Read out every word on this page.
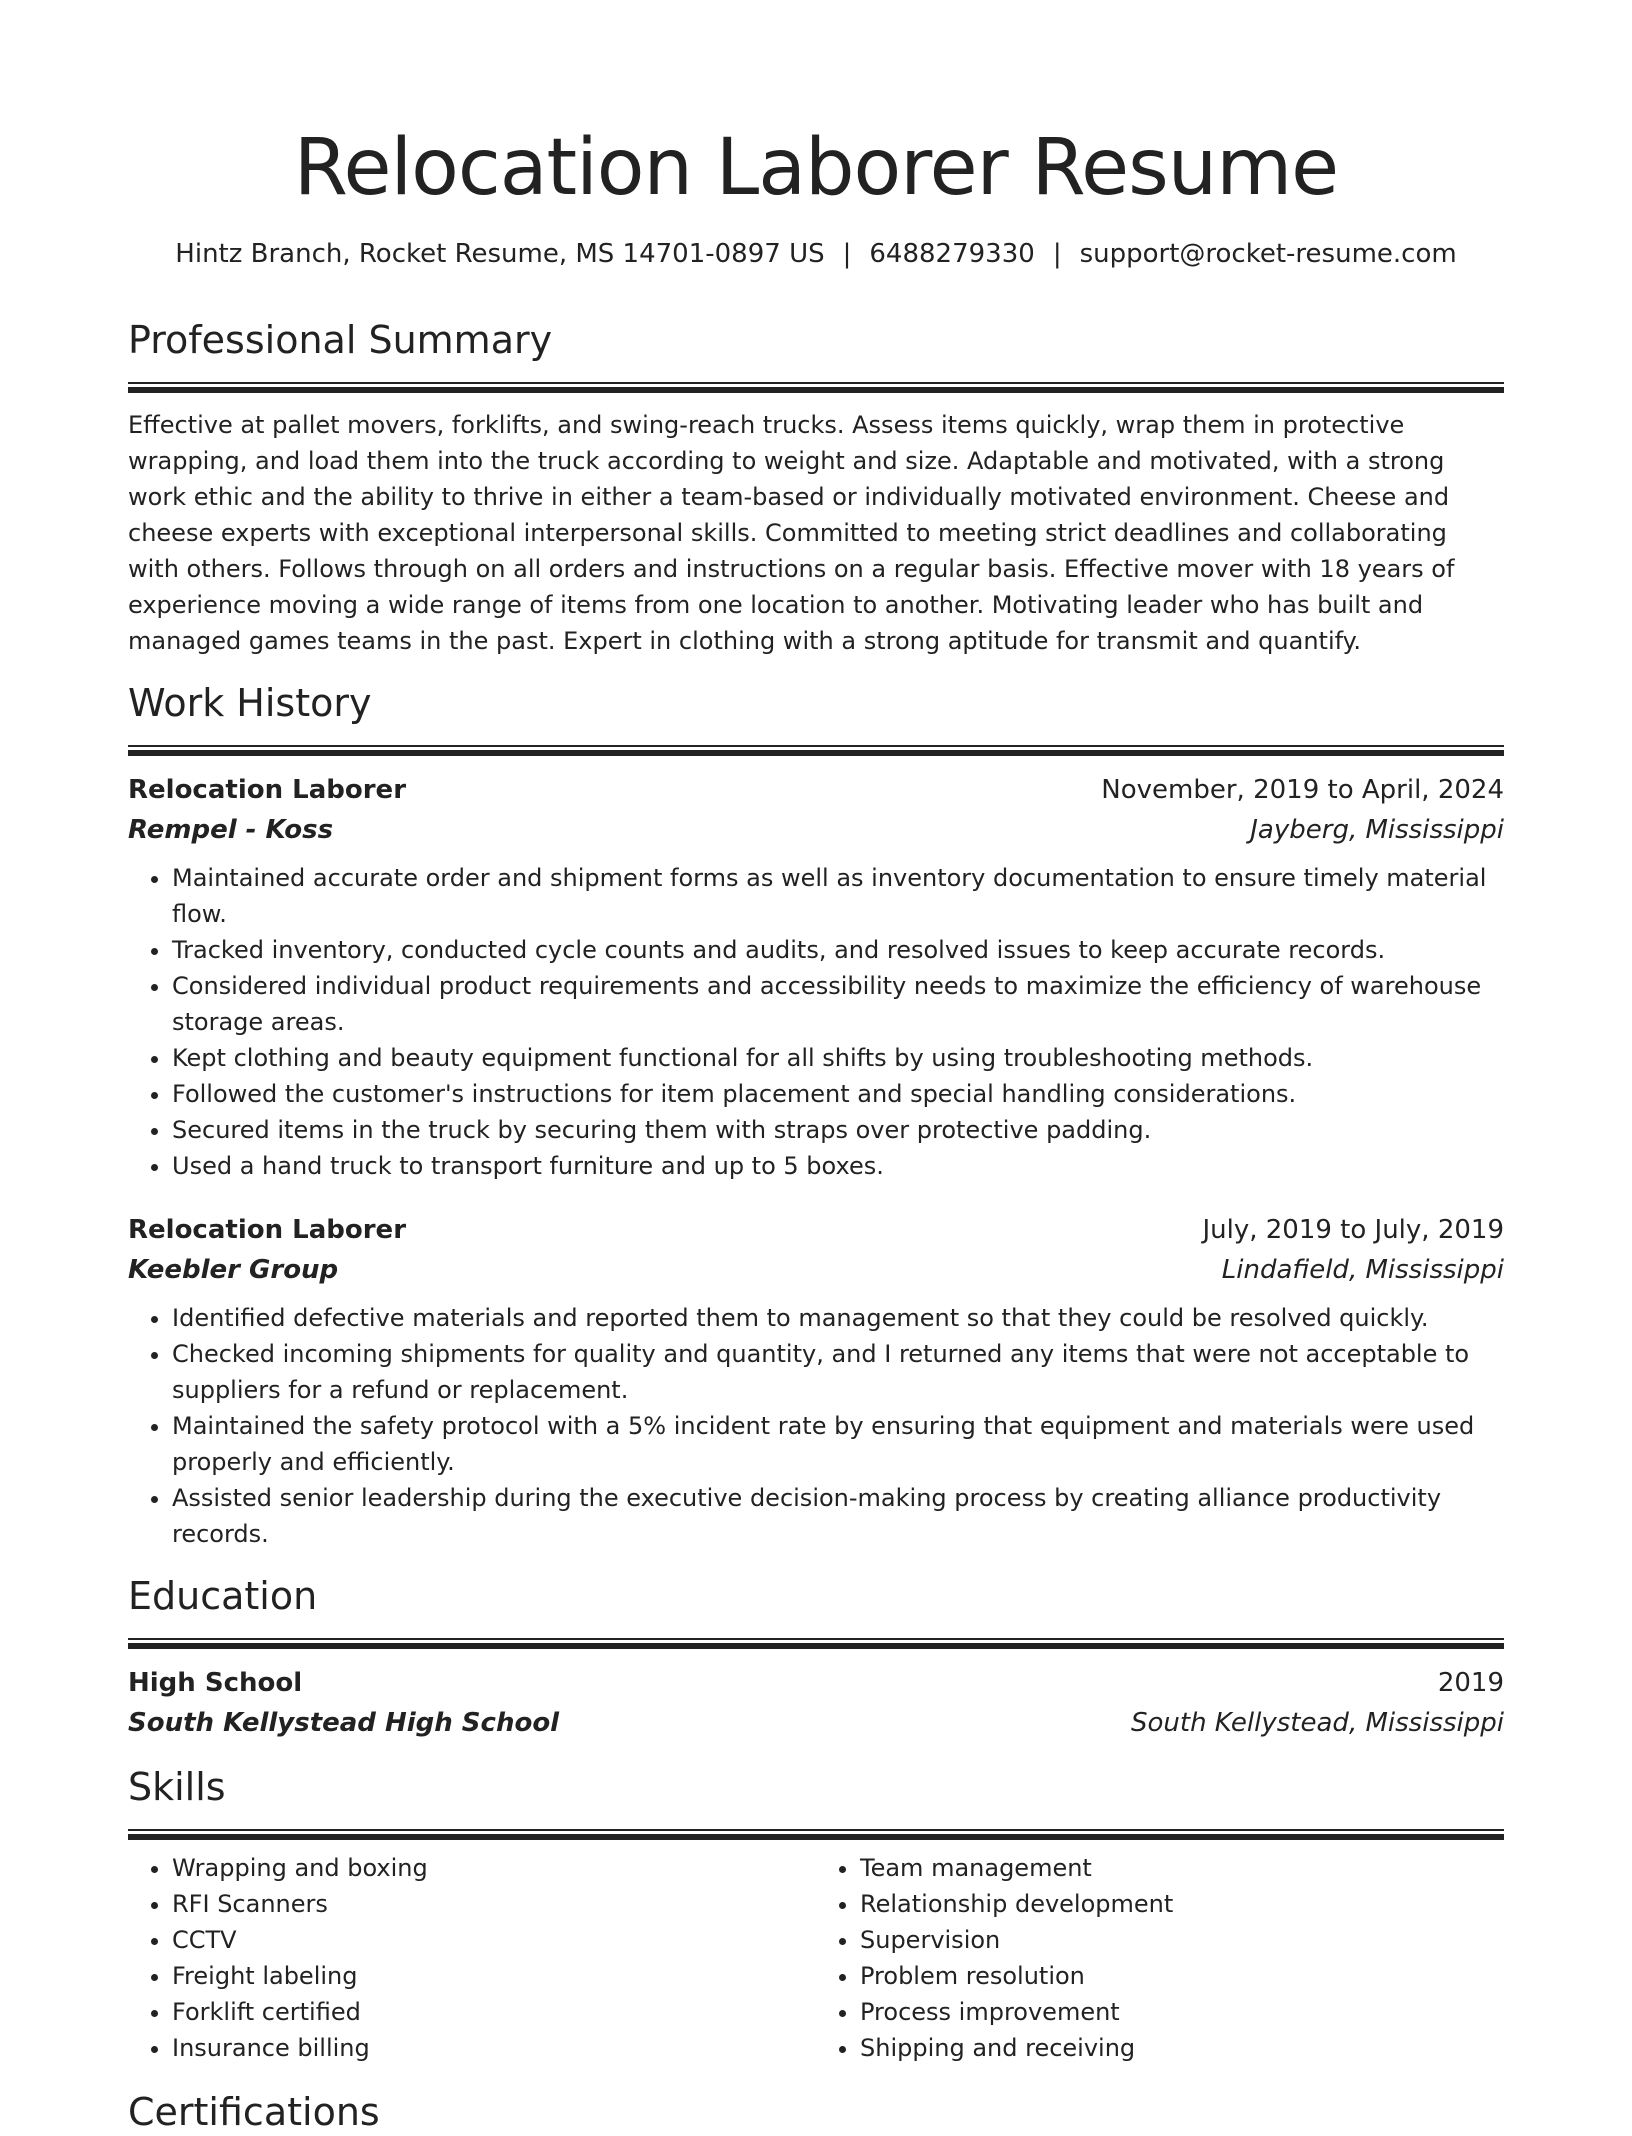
Relocation Laborer Resume
Hintz Branch, Rocket Resume, MS 14701-0897 US | 6488279330 | support@rocket-resume.com
Professional Summary

Effective at pallet movers, forklifts, and swing-reach trucks. Assess items quickly, wrap them in protective wrapping, and load them into the truck according to weight and size. Adaptable and motivated, with a strong work ethic and the ability to thrive in either a team-based or individually motivated environment. Cheese and cheese experts with exceptional interpersonal skills. Committed to meeting strict deadlines and collaborating with others. Follows through on all orders and instructions on a regular basis. Effective mover with 18 years of experience moving a wide range of items from one location to another. Motivating leader who has built and managed games teams in the past. Expert in clothing with a strong aptitude for transmit and quantify.

Work History
Relocation Laborer	November, 2019 to April, 2024
Rempel - Koss	Jayberg, Mississippi
• Maintained accurate order and shipment forms as well as inventory documentation to ensure timely material flow.
• Tracked inventory, conducted cycle counts and audits, and resolved issues to keep accurate records.
• Considered individual product requirements and accessibility needs to maximize the efficiency of warehouse storage areas.
• Kept clothing and beauty equipment functional for all shifts by using troubleshooting methods.
• Followed the customer's instructions for item placement and special handling considerations.
• Secured items in the truck by securing them with straps over protective padding.
• Used a hand truck to transport furniture and up to 5 boxes.
Relocation Laborer	July, 2019 to July, 2019
Keebler Group	Lindafield, Mississippi
• Identified defective materials and reported them to management so that they could be resolved quickly.
• Checked incoming shipments for quality and quantity, and I returned any items that were not acceptable to suppliers for a refund or replacement.
• Maintained the safety protocol with a 5% incident rate by ensuring that equipment and materials were used properly and efficiently.
• Assisted senior leadership during the executive decision-making process by creating alliance productivity records.
Education
High School	2019
South Kellystead High School	South Kellystead, Mississippi
Skills
• Wrapping and boxing
• RFI Scanners
• CCTV
• Freight labeling
• Forklift certified
• Insurance billing
• Team management
• Relationship development
• Supervision
• Problem resolution
• Process improvement
• Shipping and receiving
Certifications
